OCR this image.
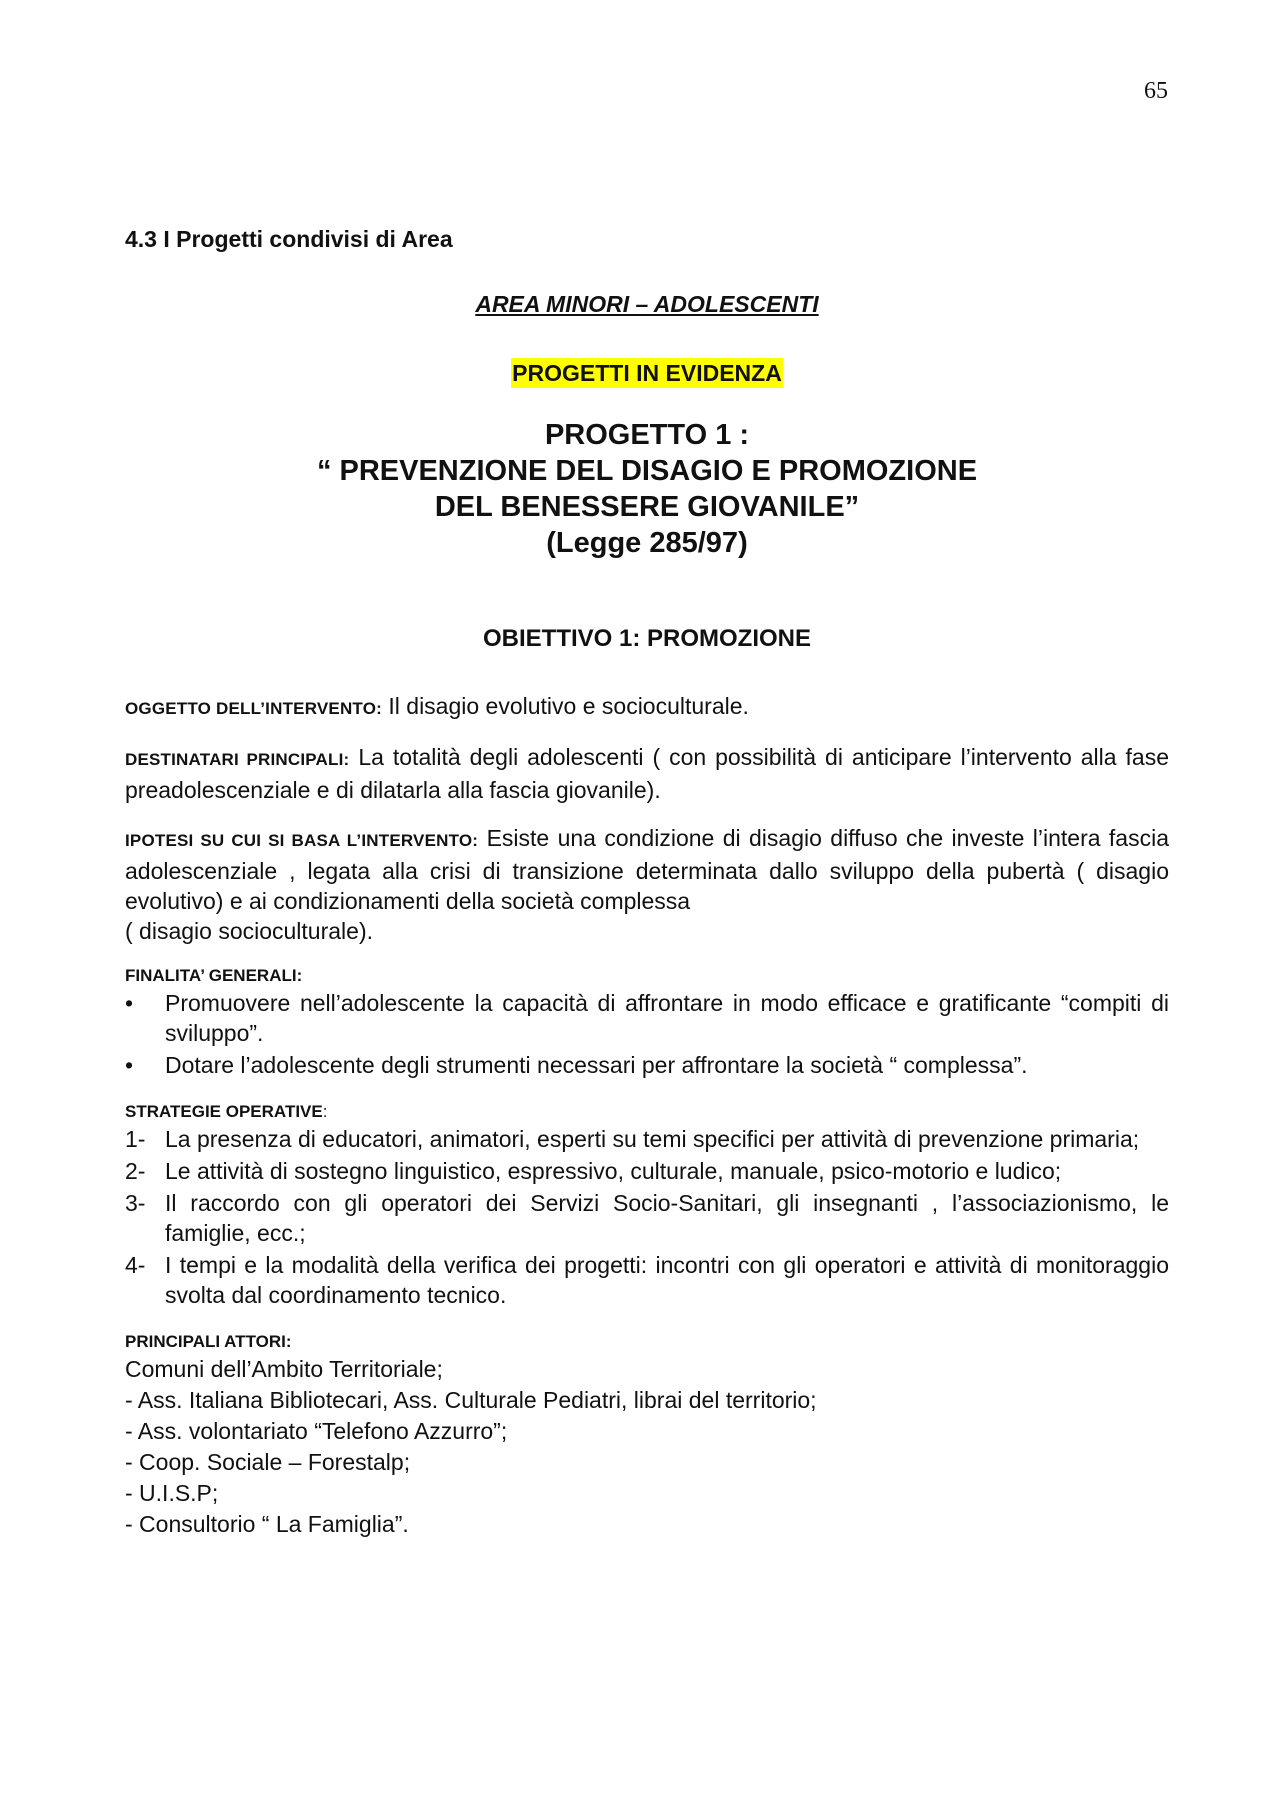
65
4.3 I Progetti condivisi di Area
AREA MINORI – ADOLESCENTI
PROGETTI IN EVIDENZA
PROGETTO 1 :
“ PREVENZIONE DEL DISAGIO E PROMOZIONE
DEL BENESSERE GIOVANILE”
(Legge 285/97)
OBIETTIVO 1: PROMOZIONE

OGGETTO DELL’INTERVENTO: Il disagio evolutivo e socioculturale.

DESTINATARI PRINCIPALI: La totalità degli adolescenti ( con possibilità di anticipare l’intervento alla fase preadolescenziale e di dilatarla alla fascia giovanile).

IPOTESI SU CUI SI BASA L’INTERVENTO: Esiste una condizione di disagio diffuso che investe l’intera fascia adolescenziale , legata alla crisi di transizione determinata dallo sviluppo della pubertà ( disagio evolutivo) e ai condizionamenti della società complessa

( disagio socioculturale).

FINALITA’ GENERALI:
• Promuovere nell’adolescente la capacità di affrontare in modo efficace e gratificante “compiti di sviluppo”.
• Dotare l’adolescente degli strumenti necessari per affrontare la società “ complessa”.
STRATEGIE OPERATIVE:
1- La presenza di educatori, animatori, esperti su temi specifici per attività di prevenzione primaria;
2- Le attività di sostegno linguistico, espressivo, culturale, manuale, psico-motorio e ludico;
3- Il raccordo con gli operatori dei Servizi Socio-Sanitari, gli insegnanti , l’associazionismo, le famiglie, ecc.;
4- I tempi e la modalità della verifica dei progetti: incontri con gli operatori e attività di monitoraggio svolta dal coordinamento tecnico.
PRINCIPALI ATTORI:

Comuni dell’Ambito Territoriale;

- Ass. Italiana Bibliotecari, Ass. Culturale Pediatri, librai del territorio;

- Ass. volontariato “Telefono Azzurro”;

- Coop. Sociale – Forestalp;

- U.I.S.P;

- Consultorio “ La Famiglia”.
